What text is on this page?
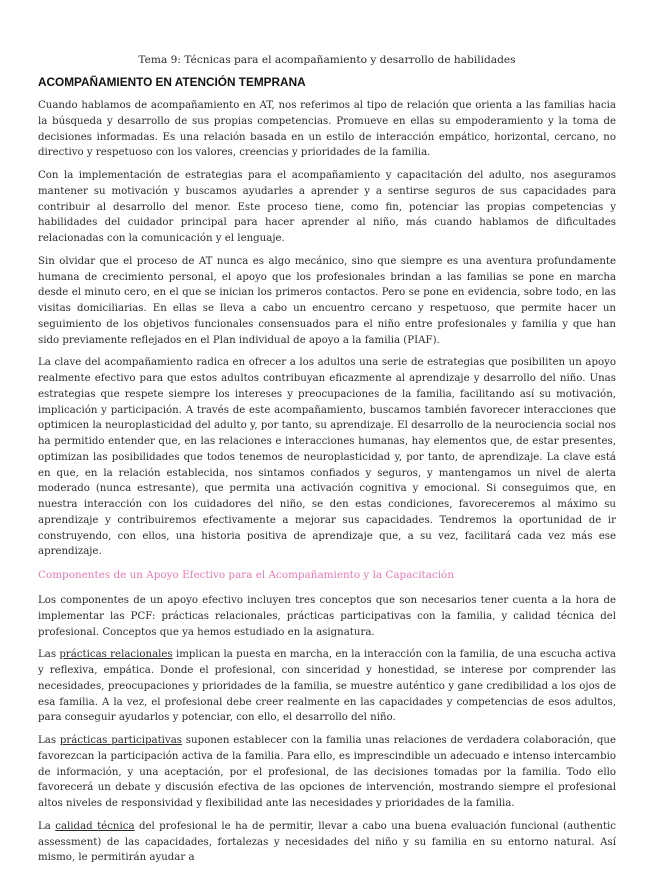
Tema 9: Técnicas para el acompañamiento y desarrollo de habilidades
ACOMPAÑAMIENTO EN ATENCIÓN TEMPRANA

Cuando hablamos de acompañamiento en AT, nos referimos al tipo de relación que orienta a las familias hacia la búsqueda y desarrollo de sus propias competencias. Promueve en ellas su empoderamiento y la toma de decisiones informadas. Es una relación basada en un estilo de interacción empático, horizontal, cercano, no directivo y respetuoso con los valores, creencias y prioridades de la familia.

Con la implementación de estrategias para el acompañamiento y capacitación del adulto, nos aseguramos mantener su motivación y buscamos ayudarles a aprender y a sentirse seguros de sus capacidades para contribuir al desarrollo del menor. Este proceso tiene, como fin, potenciar las propias competencias y habilidades del cuidador principal para hacer aprender al niño, más cuando hablamos de dificultades relacionadas con la comunicación y el lenguaje.

Sin olvidar que el proceso de AT nunca es algo mecánico, sino que siempre es una aventura profundamente humana de crecimiento personal, el apoyo que los profesionales brindan a las familias se pone en marcha desde el minuto cero, en el que se inician los primeros contactos. Pero se pone en evidencia, sobre todo, en las visitas domiciliarias. En ellas se lleva a cabo un encuentro cercano y respetuoso, que permite hacer un seguimiento de los objetivos funcionales consensuados para el niño entre profesionales y familia y que han sido previamente reflejados en el Plan individual de apoyo a la familia (PIAF).

La clave del acompañamiento radica en ofrecer a los adultos una serie de estrategias que posibiliten un apoyo realmente efectivo para que estos adultos contribuyan eficazmente al aprendizaje y desarrollo del niño. Unas estrategias que respete siempre los intereses y preocupaciones de la familia, facilitando así su motivación, implicación y participación. A través de este acompañamiento, buscamos también favorecer interacciones que optimicen la neuroplasticidad del adulto y, por tanto, su aprendizaje. El desarrollo de la neurociencia social nos ha permitido entender que, en las relaciones e interacciones humanas, hay elementos que, de estar presentes, optimizan las posibilidades que todos tenemos de neuroplasticidad y, por tanto, de aprendizaje. La clave está en que, en la relación establecida, nos sintamos confiados y seguros, y mantengamos un nivel de alerta moderado (nunca estresante), que permita una activación cognitiva y emocional. Si conseguimos que, en nuestra interacción con los cuidadores del niño, se den estas condiciones, favoreceremos al máximo su aprendizaje y contribuiremos efectivamente a mejorar sus capacidades. Tendremos la oportunidad de ir construyendo, con ellos, una historia positiva de aprendizaje que, a su vez, facilitará cada vez más ese aprendizaje.

Componentes de un Apoyo Efectivo para el Acompañamiento y la Capacitación

Los componentes de un apoyo efectivo incluyen tres conceptos que son necesarios tener cuenta a la hora de implementar las PCF: prácticas relacionales, prácticas participativas con la familia, y calidad técnica del profesional. Conceptos que ya hemos estudiado en la asignatura.

Las prácticas relacionales implican la puesta en marcha, en la interacción con la familia, de una escucha activa y reflexiva, empática. Donde el profesional, con sinceridad y honestidad, se interese por comprender las necesidades, preocupaciones y prioridades de la familia, se muestre auténtico y gane credibilidad a los ojos de esa familia. A la vez, el profesional debe creer realmente en las capacidades y competencias de esos adultos, para conseguir ayudarlos y potenciar, con ello, el desarrollo del niño.

Las prácticas participativas suponen establecer con la familia unas relaciones de verdadera colaboración, que favorezcan la participación activa de la familia. Para ello, es imprescindible un adecuado e intenso intercambio de información, y una aceptación, por el profesional, de las decisiones tomadas por la familia. Todo ello favorecerá un debate y discusión efectiva de las opciones de intervención, mostrando siempre el profesional altos niveles de responsividad y flexibilidad ante las necesidades y prioridades de la familia.

La calidad técnica del profesional le ha de permitir, llevar a cabo una buena evaluación funcional (authentic assessment) de las capacidades, fortalezas y necesidades del niño y su familia en su entorno natural. Así mismo, le permitirán ayudar a
